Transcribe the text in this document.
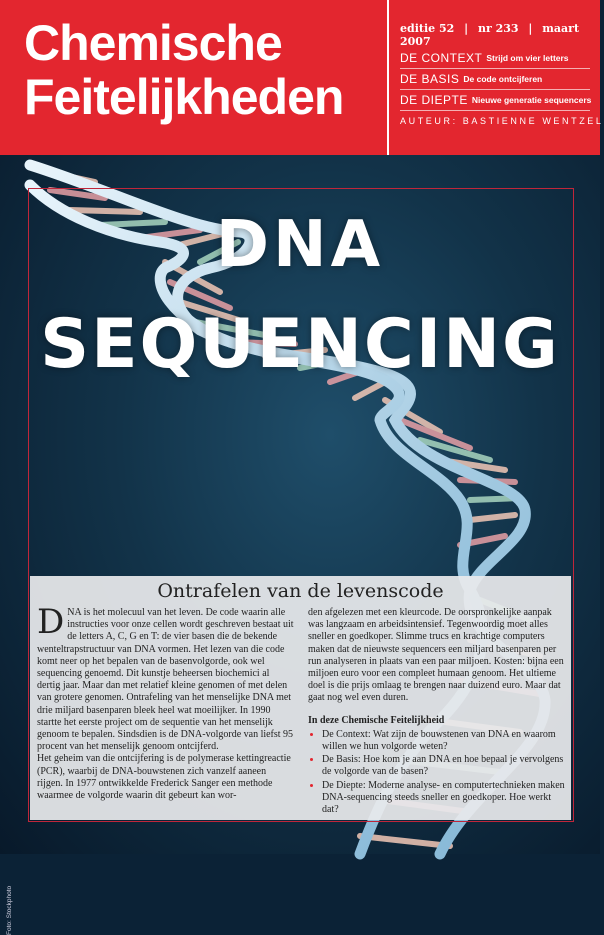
Chemische
Feitelijkheden
editie 52 | nr 233 | maart 2007
DE CONTEXT Strijd om vier letters
DE BASIS De code ontcijferen
DE DIEPTE Nieuwe generatie sequencers
AUTEUR: BASTIENNE WENTZEL
Foto: Stockphoto
DNA
SEQUENCING
Ontrafelen van de levenscode

DNA is het molecuul van het leven. De code waarin alle instructies voor onze cellen wordt geschreven bestaat uit de letters A, C, G en T: de vier basen die de bekende wenteltrapstructuur van DNA vormen. Het lezen van die code komt neer op het bepalen van de basenvolgorde, ook wel sequencing genoemd. Dit kunstje beheersen biochemici al dertig jaar. Maar dan met relatief kleine genomen of met delen van grotere genomen. Ontrafeling van het menselijke DNA met drie miljard basenparen bleek heel wat moeilijker. In 1990 startte het eerste project om de sequentie van het menselijk genoom te bepalen. Sindsdien is de DNA-volgorde van liefst 95 procent van het menselijk genoom ontcijferd.

Het geheim van die ontcijfering is de polymerase kettingreactie (PCR), waarbij de DNA-bouwstenen zich vanzelf aaneen rijgen. In 1977 ontwikkelde Frederick Sanger een methode waarmee de volgorde waarin dit gebeurt kan wor-

den afgelezen met een kleurcode. De oorspronkelijke aanpak was langzaam en arbeidsintensief. Tegenwoordig moet alles sneller en goedkoper. Slimme trucs en krachtige computers maken dat de nieuwste sequencers een miljard basenparen per run analyseren in plaats van een paar miljoen. Kosten: bijna een miljoen euro voor een compleet humaan genoom. Het ultieme doel is die prijs omlaag te brengen naar duizend euro. Maar dat gaat nog wel even duren.

In deze Chemische Feitelijkheid
• De Context: Wat zijn de bouwstenen van DNA en waarom willen we hun volgorde weten?
• De Basis: Hoe kom je aan DNA en hoe bepaal je vervolgens de volgorde van de basen?
• De Diepte: Moderne analyse- en computertechnieken maken DNA-sequencing steeds sneller en goedkoper. Hoe werkt dat?
